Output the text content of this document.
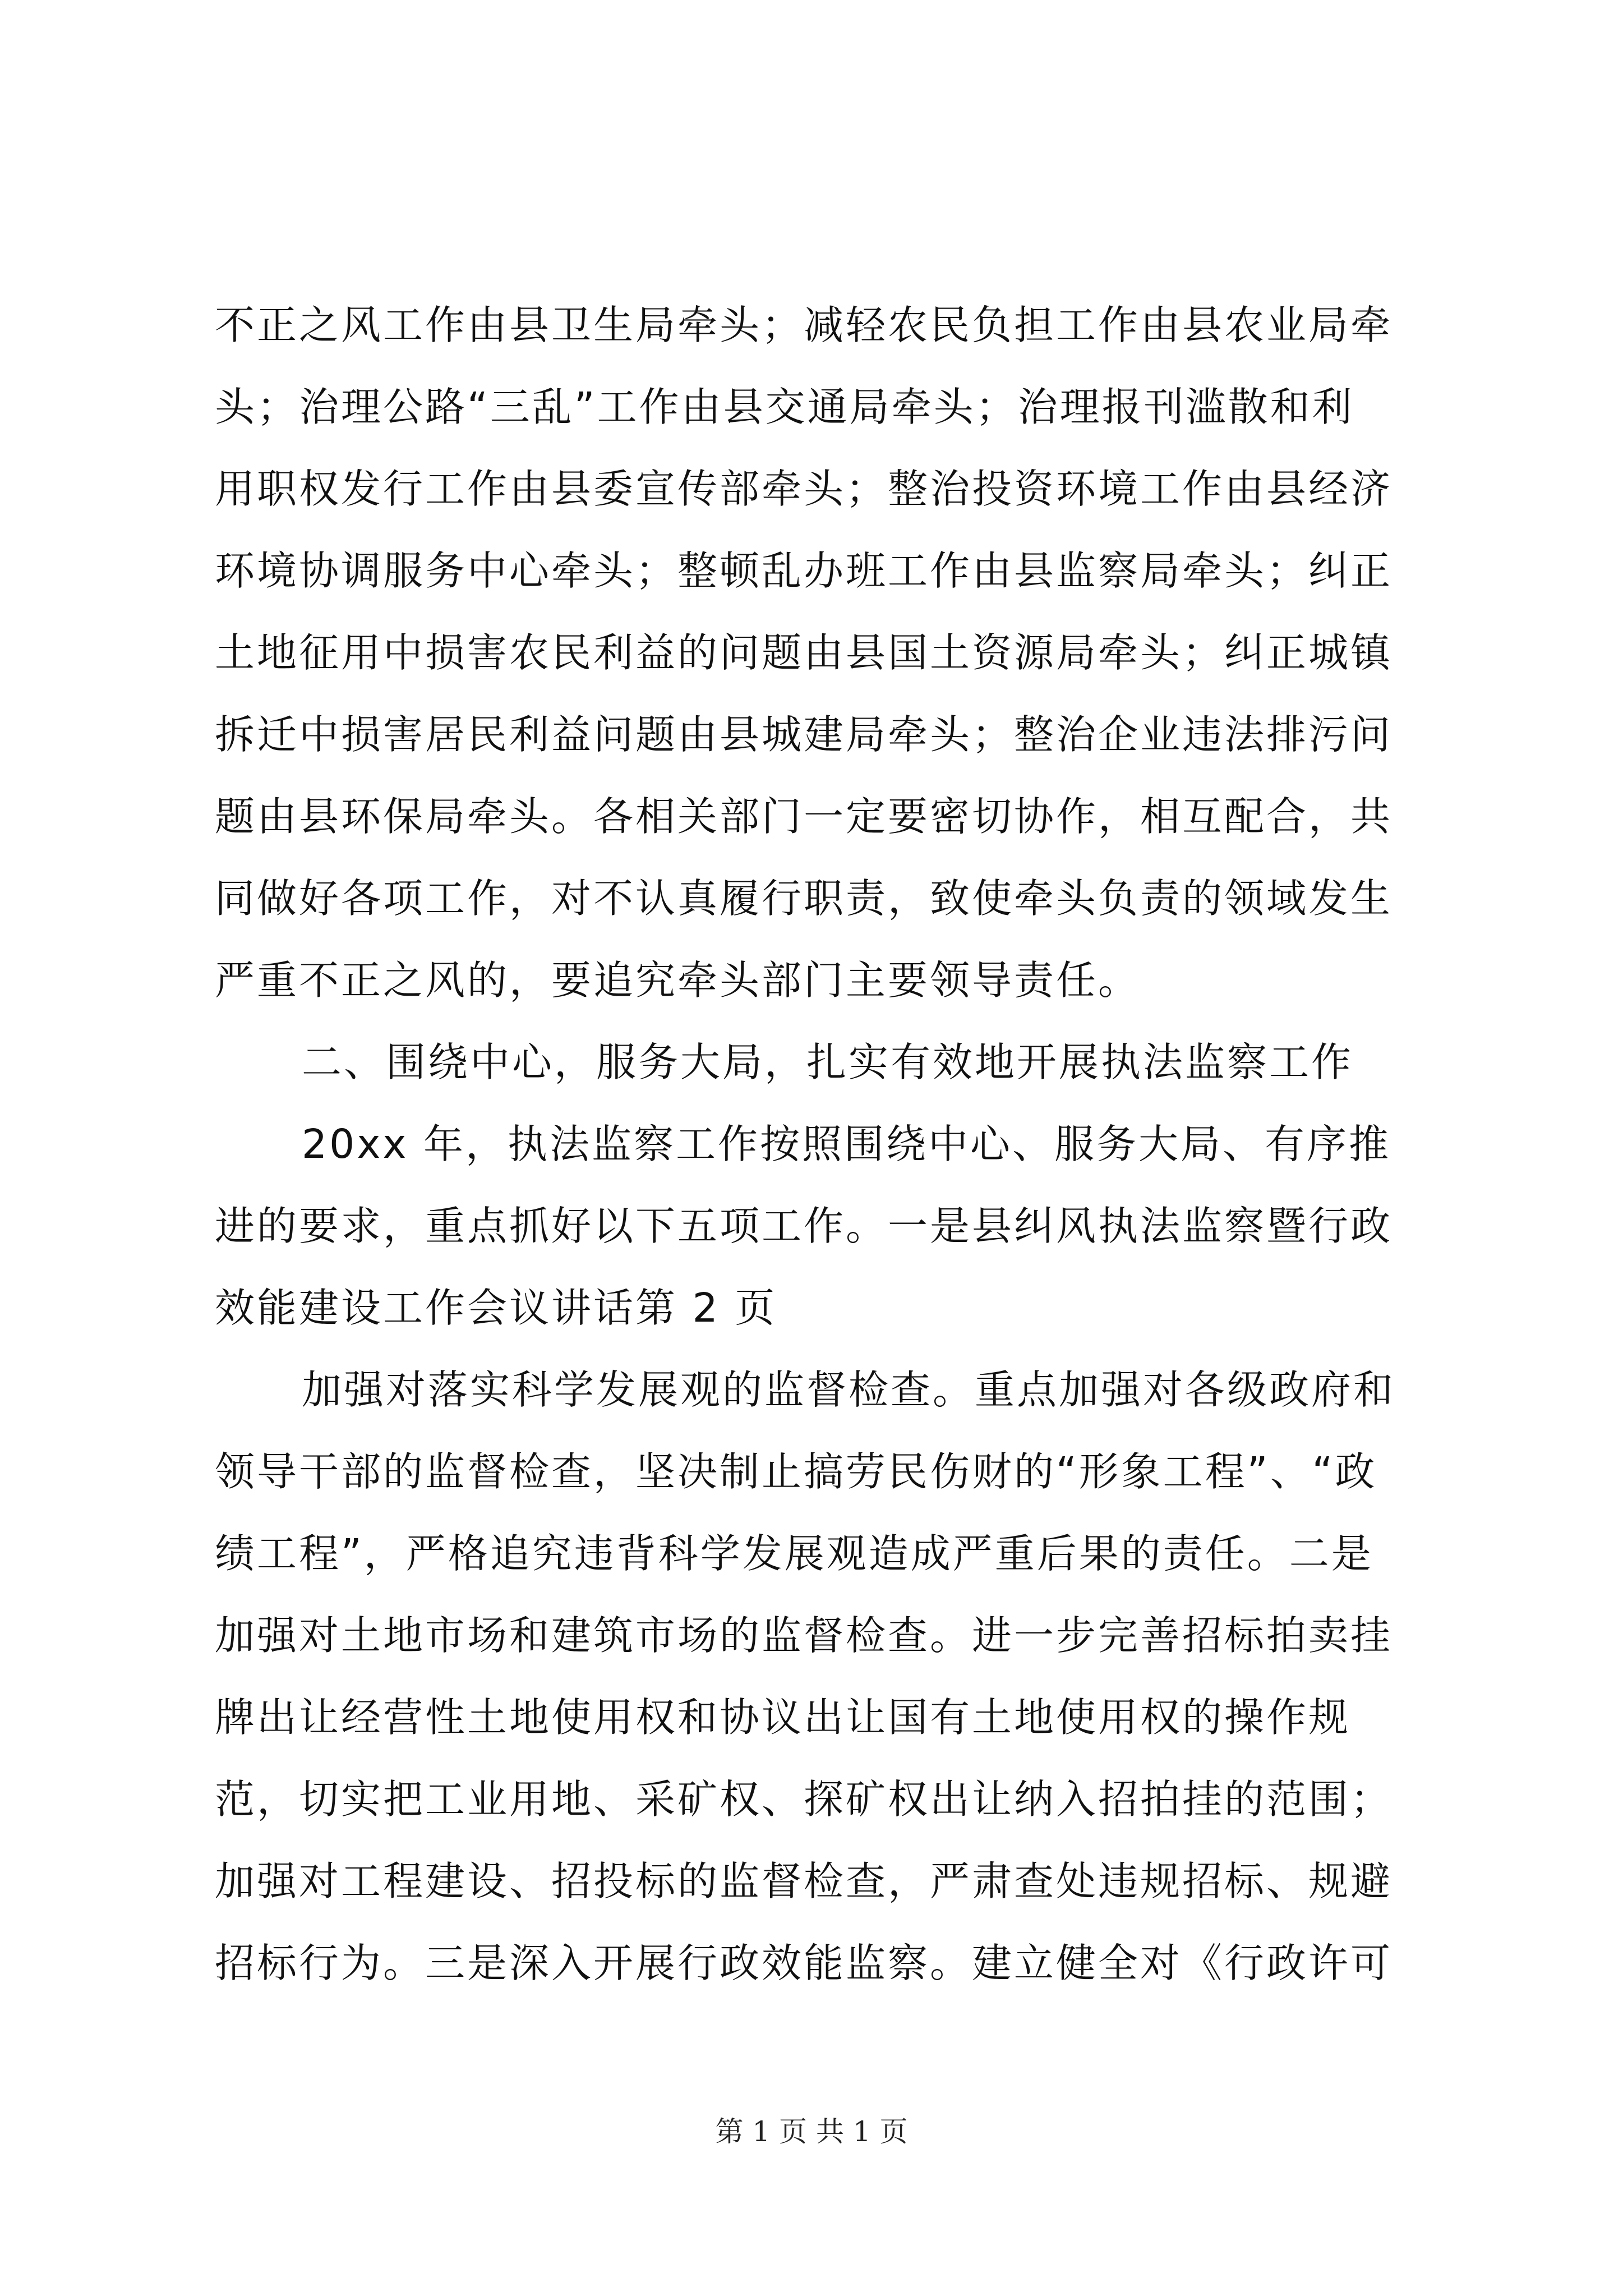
不正之风工作由县卫生局牵头；减轻农民负担工作由县农业局牵
头；治理公路“三乱”工作由县交通局牵头；治理报刊滥散和利
用职权发行工作由县委宣传部牵头；整治投资环境工作由县经济
环境协调服务中心牵头；整顿乱办班工作由县监察局牵头；纠正
土地征用中损害农民利益的问题由县国土资源局牵头；纠正城镇
拆迁中损害居民利益问题由县城建局牵头；整治企业违法排污问
题由县环保局牵头。各相关部门一定要密切协作，相互配合，共
同做好各项工作，对不认真履行职责，致使牵头负责的领域发生
严重不正之风的，要追究牵头部门主要领导责任。
二、围绕中心，服务大局，扎实有效地开展执法监察工作
20xx 年，执法监察工作按照围绕中心、服务大局、有序推
进的要求，重点抓好以下五项工作。一是县纠风执法监察暨行政
效能建设工作会议讲话第 2 页
加强对落实科学发展观的监督检查。重点加强对各级政府和
领导干部的监督检查，坚决制止搞劳民伤财的“形象工程”、“政
绩工程”，严格追究违背科学发展观造成严重后果的责任。二是
加强对土地市场和建筑市场的监督检查。进一步完善招标拍卖挂
牌出让经营性土地使用权和协议出让国有土地使用权的操作规
范，切实把工业用地、采矿权、探矿权出让纳入招拍挂的范围；
加强对工程建设、招投标的监督检查，严肃查处违规招标、规避
招标行为。三是深入开展行政效能监察。建立健全对《行政许可
第 1 页 共 1 页
